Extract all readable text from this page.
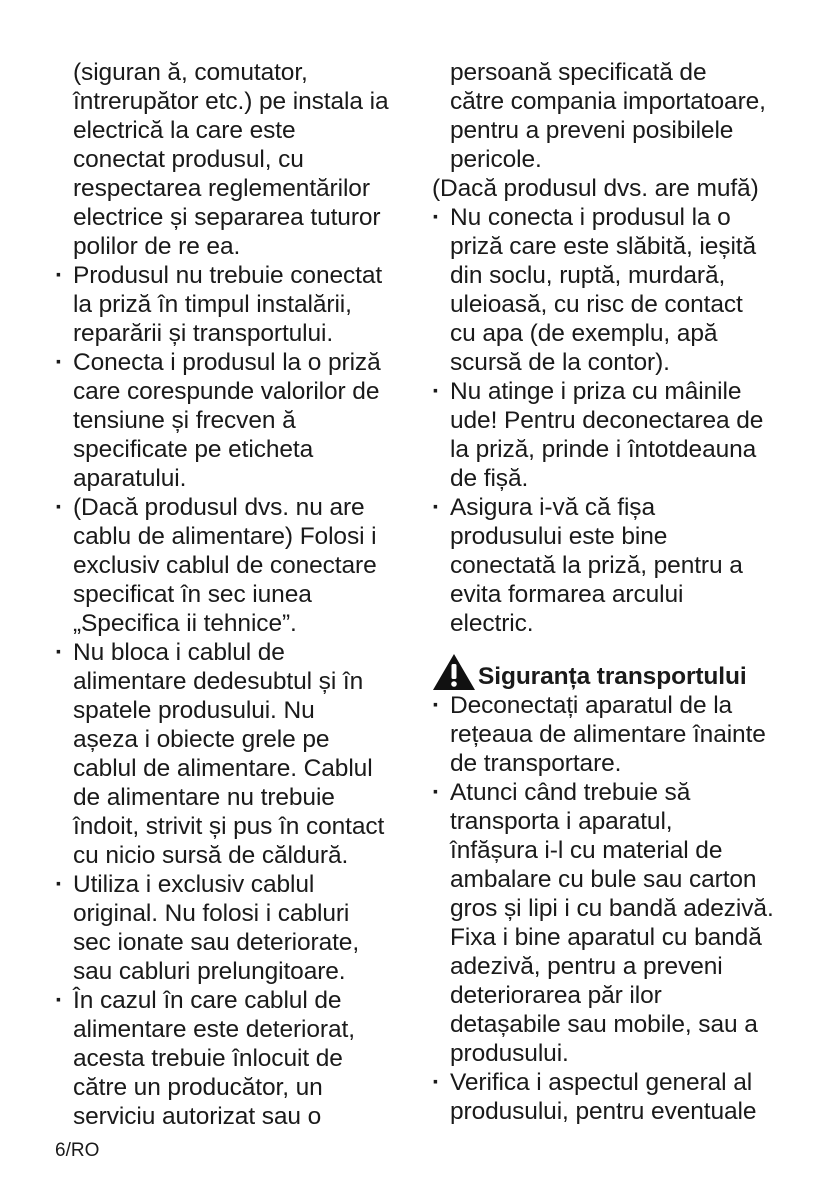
(siguran ă, comutator,
întrerupător etc.) pe instala ia
electrică la care este
conectat produsul, cu
respectarea reglementărilor
electrice și separarea tuturor
polilor de re ea.

· Produsul nu trebuie conectat
la priză în timpul instalării,
reparării și transportului.

· Conecta i produsul la o priză
care corespunde valorilor de
tensiune și frecven ă
specificate pe eticheta
aparatului.

· (Dacă produsul dvs. nu are
cablu de alimentare) Folosi i
exclusiv cablul de conectare
specificat în sec iunea
„Specifica ii tehnice”.

· Nu bloca i cablul de
alimentare dedesubtul și în
spatele produsului. Nu
așeza i obiecte grele pe
cablul de alimentare. Cablul
de alimentare nu trebuie
îndoit, strivit și pus în contact
cu nicio sursă de căldură.

· Utiliza i exclusiv cablul
original. Nu folosi i cabluri
sec ionate sau deteriorate,
sau cabluri prelungitoare.

· În cazul în care cablul de
alimentare este deteriorat,
acesta trebuie înlocuit de
către un producător, un
serviciu autorizat sau o

persoană specificată de
către compania importatoare,
pentru a preveni posibilele
pericole.

(Dacă produsul dvs. are mufă)

· Nu conecta i produsul la o
priză care este slăbită, ieșită
din soclu, ruptă, murdară,
uleioasă, cu risc de contact
cu apa (de exemplu, apă
scursă de la contor).

· Nu atinge i priza cu mâinile
ude! Pentru deconectarea de
la priză, prinde i întotdeauna
de fișă.

· Asigura i-vă că fișa
produsului este bine
conectată la priză, pentru a
evita formarea arcului
electric.

Siguranța transportului

· Deconectați aparatul de la
rețeaua de alimentare înainte
de transportare.

· Atunci când trebuie să
transporta i aparatul,
înfășura i-l cu material de
ambalare cu bule sau carton
gros și lipi i cu bandă adezivă.
Fixa i bine aparatul cu bandă
adezivă, pentru a preveni
deteriorarea păr ilor
detașabile sau mobile, sau a
produsului.

· Verifica i aspectul general al
produsului, pentru eventuale

6/RO
